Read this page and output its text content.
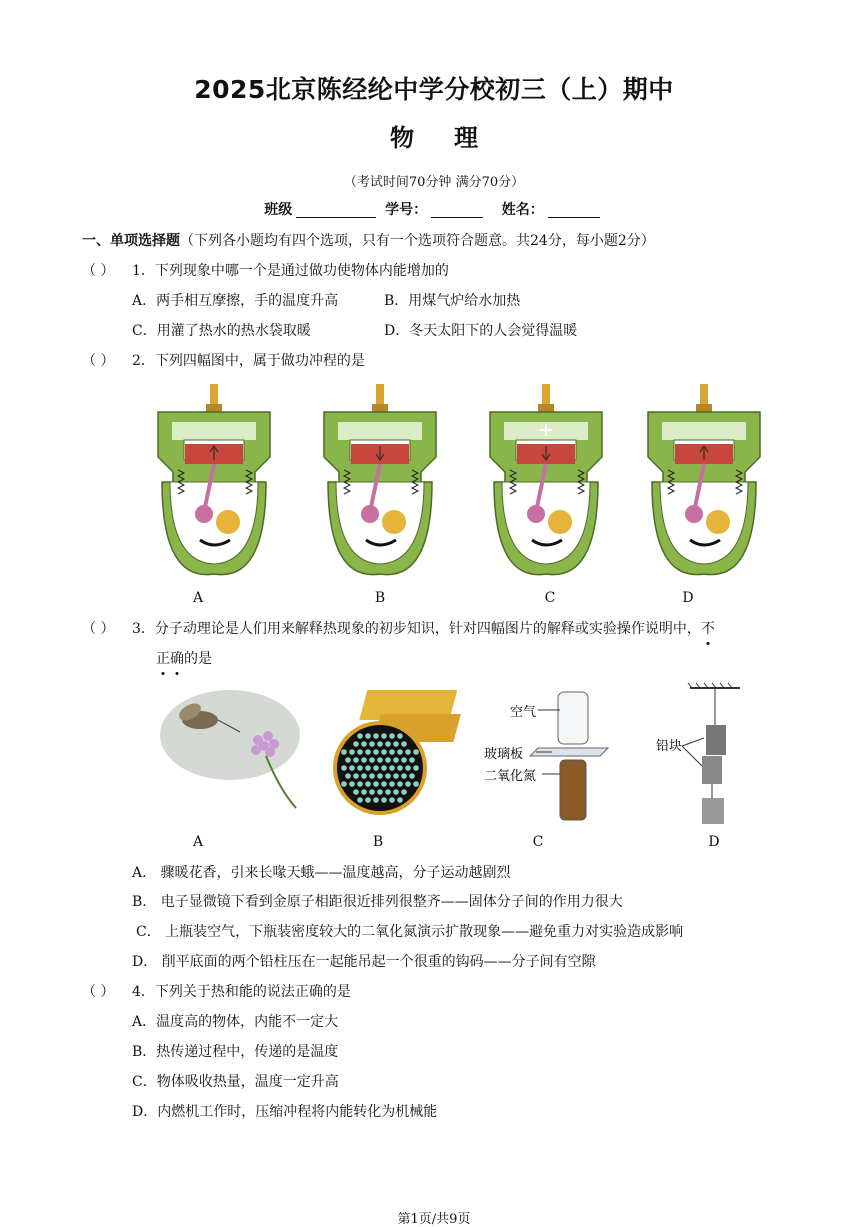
2025北京陈经纶中学分校初三（上）期中
物理
（考试时间70分钟 满分70分）
班级	学号：	姓名：
一、单项选择题（下列各小题均有四个选项，只有一个选项符合题意。共24分，每小题2分）
（ ） 1．下列现象中哪一个是通过做功使物体内能增加的
A．两手相互摩擦，手的温度升高	B．用煤气炉给水加热
C．用灌了热水的热水袋取暖	D．冬天太阳下的人会觉得温暖
（ ） 2．下列四幅图中，属于做功冲程的是
A	B	C	D
（ ） 3．分子动理论是人们用来解释热现象的初步知识，针对四幅图片的解释或实验操作说明中，不
正确
的是
空气
玻璃板
二氧化氮
铅块
A	B	C	D
A． 骤暖花香，引来长喙天蛾——温度越高，分子运动越剧烈
B． 电子显微镜下看到金原子相距很近排列很整齐——固体分子间的作用力很大
C． 上瓶装空气，下瓶装密度较大的二氧化氮演示扩散现象——避免重力对实验造成影响
D． 削平底面的两个铅柱压在一起能吊起一个很重的钩码——分子间有空隙
（ ） 4．下列关于热和能的说法正确的是
A．温度高的物体，内能不一定大
B．热传递过程中，传递的是温度
C．物体吸收热量，温度一定升高
D．内燃机工作时，压缩冲程将内能转化为机械能
第1页/共9页
